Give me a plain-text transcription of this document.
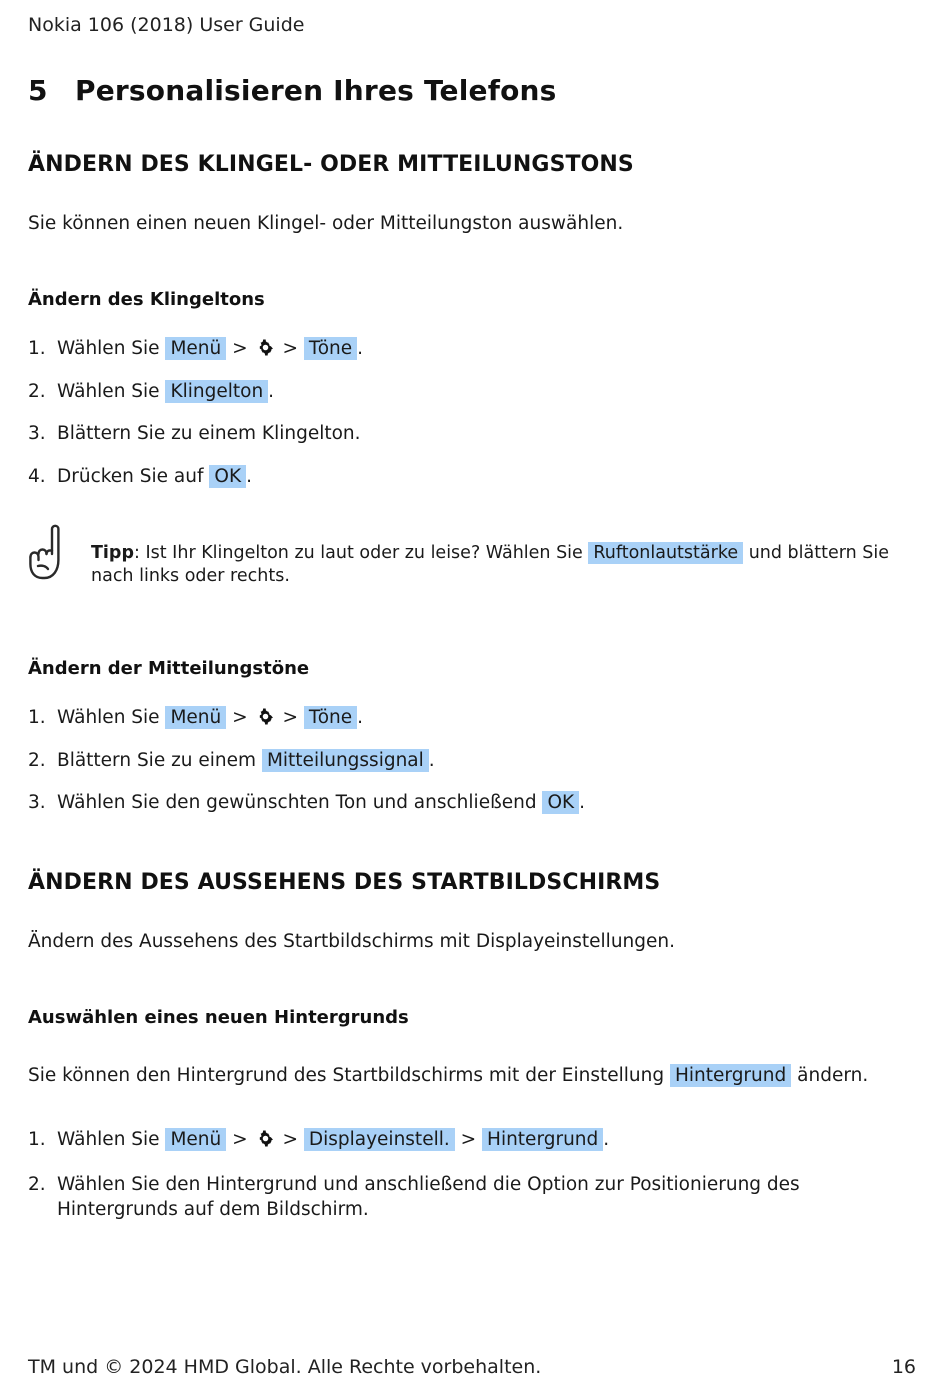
Nokia 106 (2018) User Guide
5 Personalisieren Ihres Telefons
ÄNDERN DES KLINGEL- ODER MITTEILUNGSTONS
Sie können einen neuen Klingel- oder Mitteilungston auswählen.
Ändern des Klingeltons
1. Wählen Sie Menü > > Töne .
2. Wählen Sie Klingelton .
3. Blättern Sie zu einem Klingelton.
4. Drücken Sie auf OK .
Tipp: Ist Ihr Klingelton zu laut oder zu leise? Wählen Sie Ruftonlautstärke und blättern Sie nach links oder rechts.
Ändern der Mitteilungstöne
1. Wählen Sie Menü > > Töne .
2. Blättern Sie zu einem Mitteilungssignal .
3. Wählen Sie den gewünschten Ton und anschließend OK .
ÄNDERN DES AUSSEHENS DES STARTBILDSCHIRMS
Ändern des Aussehens des Startbildschirms mit Displayeinstellungen.
Auswählen eines neuen Hintergrunds
Sie können den Hintergrund des Startbildschirms mit der Einstellung Hintergrund ändern.
1. Wählen Sie Menü > > Displayeinstell. > Hintergrund .
2. Wählen Sie den Hintergrund und anschließend die Option zur Positionierung des Hintergrunds auf dem Bildschirm.
TM und © 2024 HMD Global. Alle Rechte vorbehalten.	16
